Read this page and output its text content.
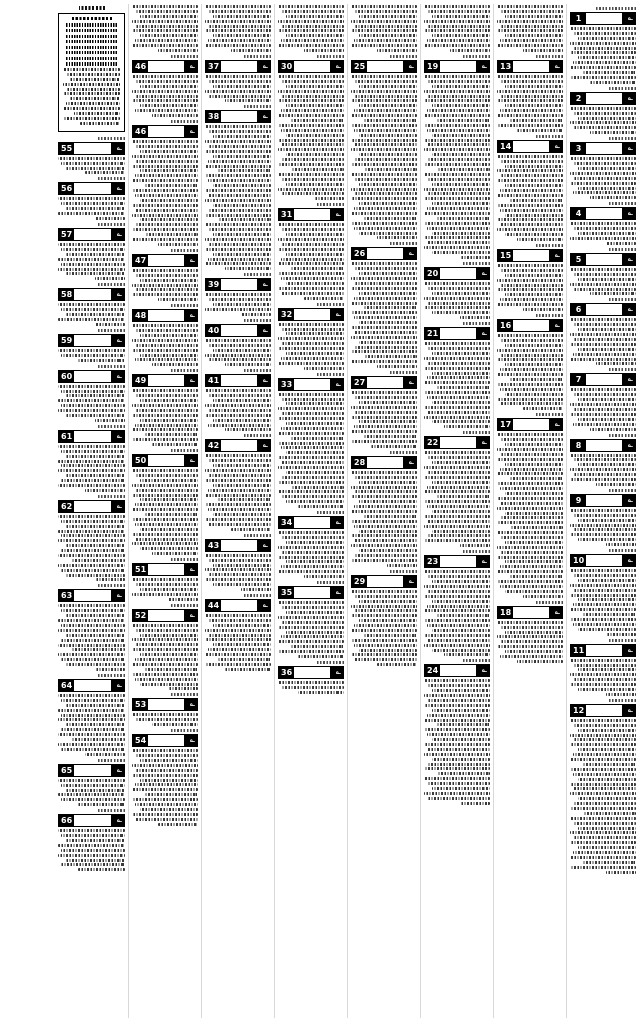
؎
1
؎
2
؎
3
؎
4
؎
5
؎
6
؎
7
؎
8
؎
9
؎
10
؎
11
؎
12
؎
13
؎
14
؎
15
؎
16
؎
17
؎
18
؎
19
؎
20
؎
21
؎
22
؎
23
؎
24
؎
25
؎
26
؎
27
؎
28
؎
29
؎
30
؎
31
؎
32
؎
33
؎
34
؎
35
؎
36
؎
37
؎
38
؎
39
؎
40
؎
41
؎
42
؎
43
؎
44
؎
46
؎
46
؎
47
؎
48
؎
49
؎
50
؎
51
؎
52
؎
53
؎
54
؎
55
؎
56
؎
57
؎
58
؎
59
؎
60
؎
61
؎
62
؎
63
؎
64
؎
65
؎
66
